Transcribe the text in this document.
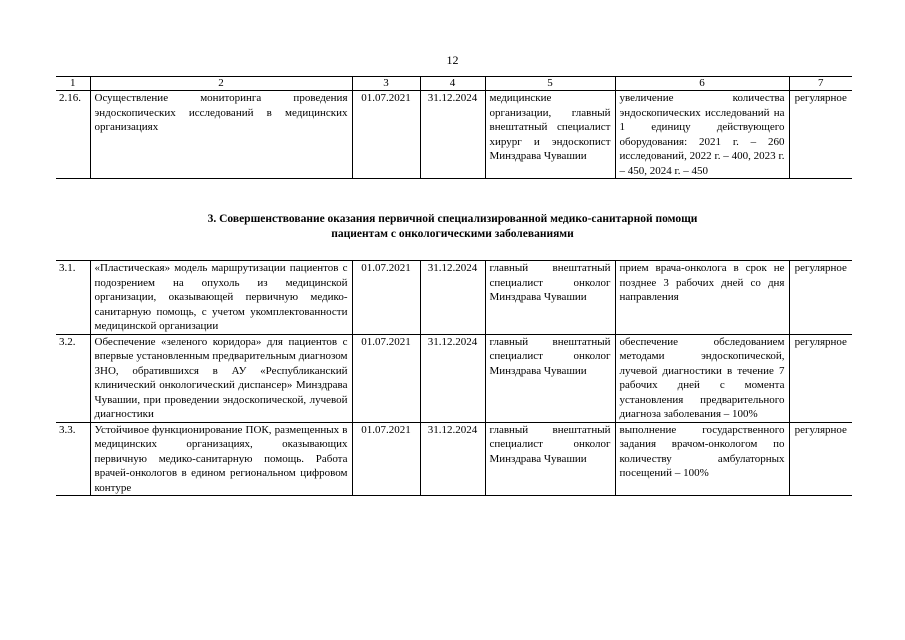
12
1	2	3	4	5	6	7
2.16.	Осуществление мониторинга проведения эндоскопических исследований в медицинских организациях	01.07.2021	31.12.2024	медицинские организации, главный внештатный специалист хирург и эндоскопист Минздрава Чувашии	увеличение количества эндоскопических исследований на 1 единицу действующего оборудования: 2021 г. – 260 исследований, 2022 г. – 400, 2023 г. – 450, 2024 г. – 450	регулярное
3. Совершенствование оказания первичной специализированной медико-санитарной помощи
пациентам с онкологическими заболеваниями
3.1.	«Пластическая» модель маршрутизации пациентов с подозрением на опухоль из медицинской организации, оказывающей первичную медико-санитарную помощь, с учетом укомплектованности медицинской организации	01.07.2021	31.12.2024	главный внештатный специалист онколог Минздрава Чувашии	прием врача-онколога в срок не позднее 3 рабочих дней со дня направления	регулярное
3.2.	Обеспечение «зеленого коридора» для пациентов с впервые установленным предварительным диагнозом ЗНО, обратившихся в АУ «Республиканский клинический онкологический диспансер» Минздрава Чувашии, при проведении эндоскопической, лучевой диагностики	01.07.2021	31.12.2024	главный внештатный специалист онколог Минздрава Чувашии	обеспечение обследованием методами эндоскопической, лучевой диагностики в течение 7 рабочих дней с момента установления предварительного диагноза заболевания – 100%	регулярное
3.3.	Устойчивое функционирование ПОК, размещенных в медицинских организациях, оказывающих первичную медико-санитарную помощь. Работа врачей-онкологов в едином региональном цифровом контуре	01.07.2021	31.12.2024	главный внештатный специалист онколог Минздрава Чувашии	выполнение государственного задания врачом-онкологом по количеству амбулаторных посещений – 100%	регулярное
